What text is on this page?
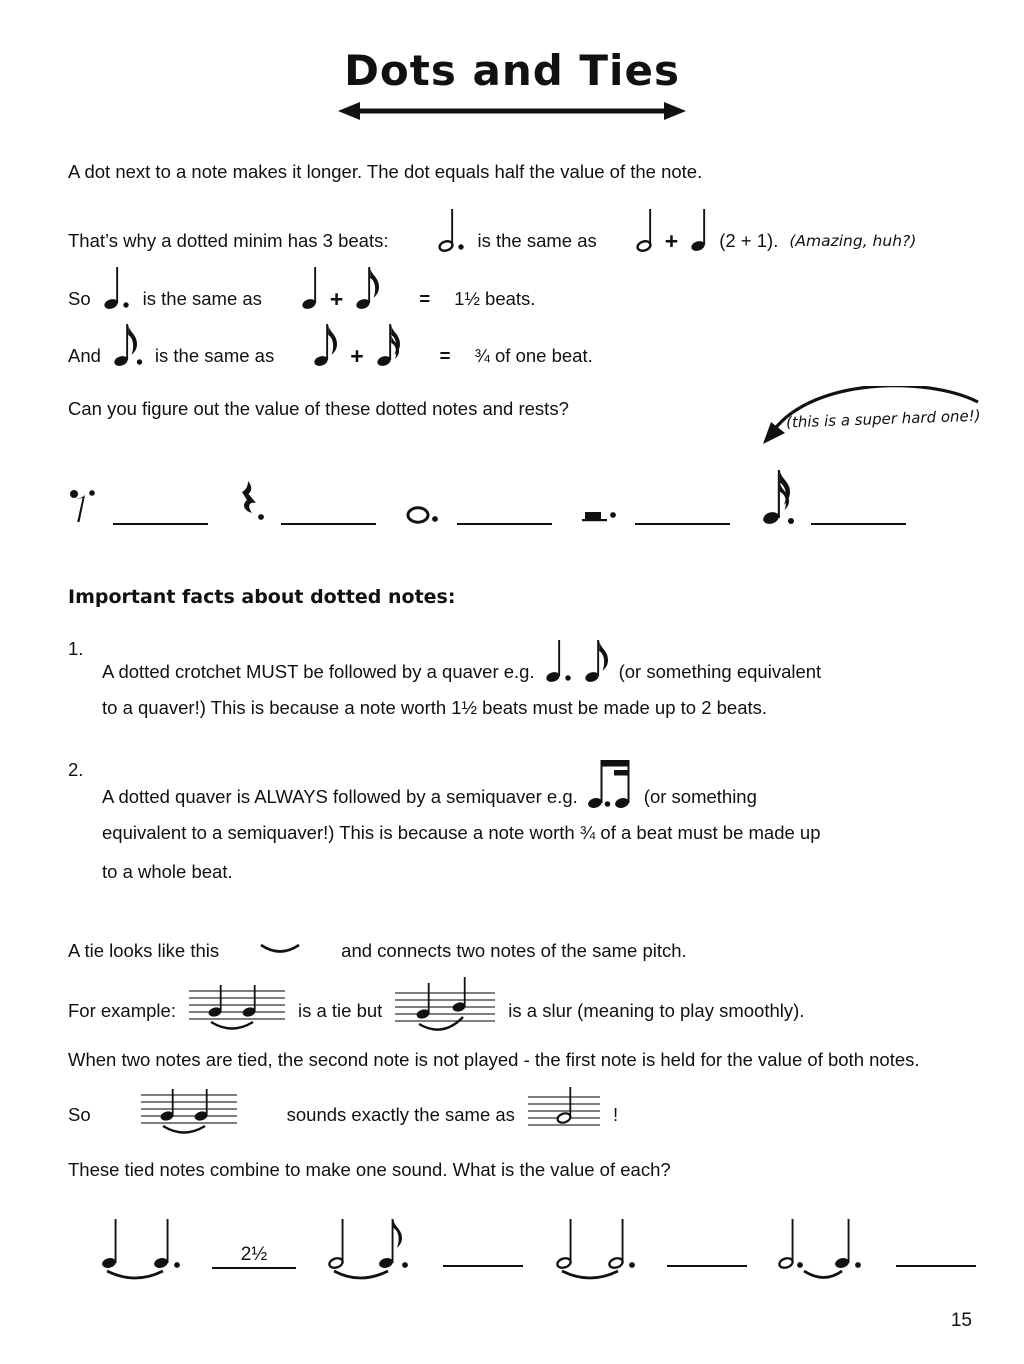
Dots and Ties

A dot next to a note makes it longer. The dot equals half the value of the note.

That’s why a dotted minim has 3 beats:	is the same as	+ (2 + 1). (Amazing, huh?)
So	is the same as	+	= 1½ beats.
And	is the same as	+	= ¾ of one beat.

Can you figure out the value of these dotted notes and rests?	(this is a super hard one!)
Important facts about dotted notes:
1.
A dotted crotchet MUST be followed by a quaver e.g.	(or something equivalent
to a quaver!) This is because a note worth 1½ beats must be made up to 2 beats.
2.
A dotted quaver is ALWAYS followed by a semiquaver e.g.	(or something
equivalent to a semiquaver!) This is because a note worth ¾ of a beat must be made up
to a whole beat.
A tie looks like this	and connects two notes of the same pitch.
For example:	is a tie but	is a slur (meaning to play smoothly).

When two notes are tied, the second note is not played - the first note is held for the value of both notes.

So	sounds exactly the same as	!

These tied notes combine to make one sound. What is the value of each?

2½
15
